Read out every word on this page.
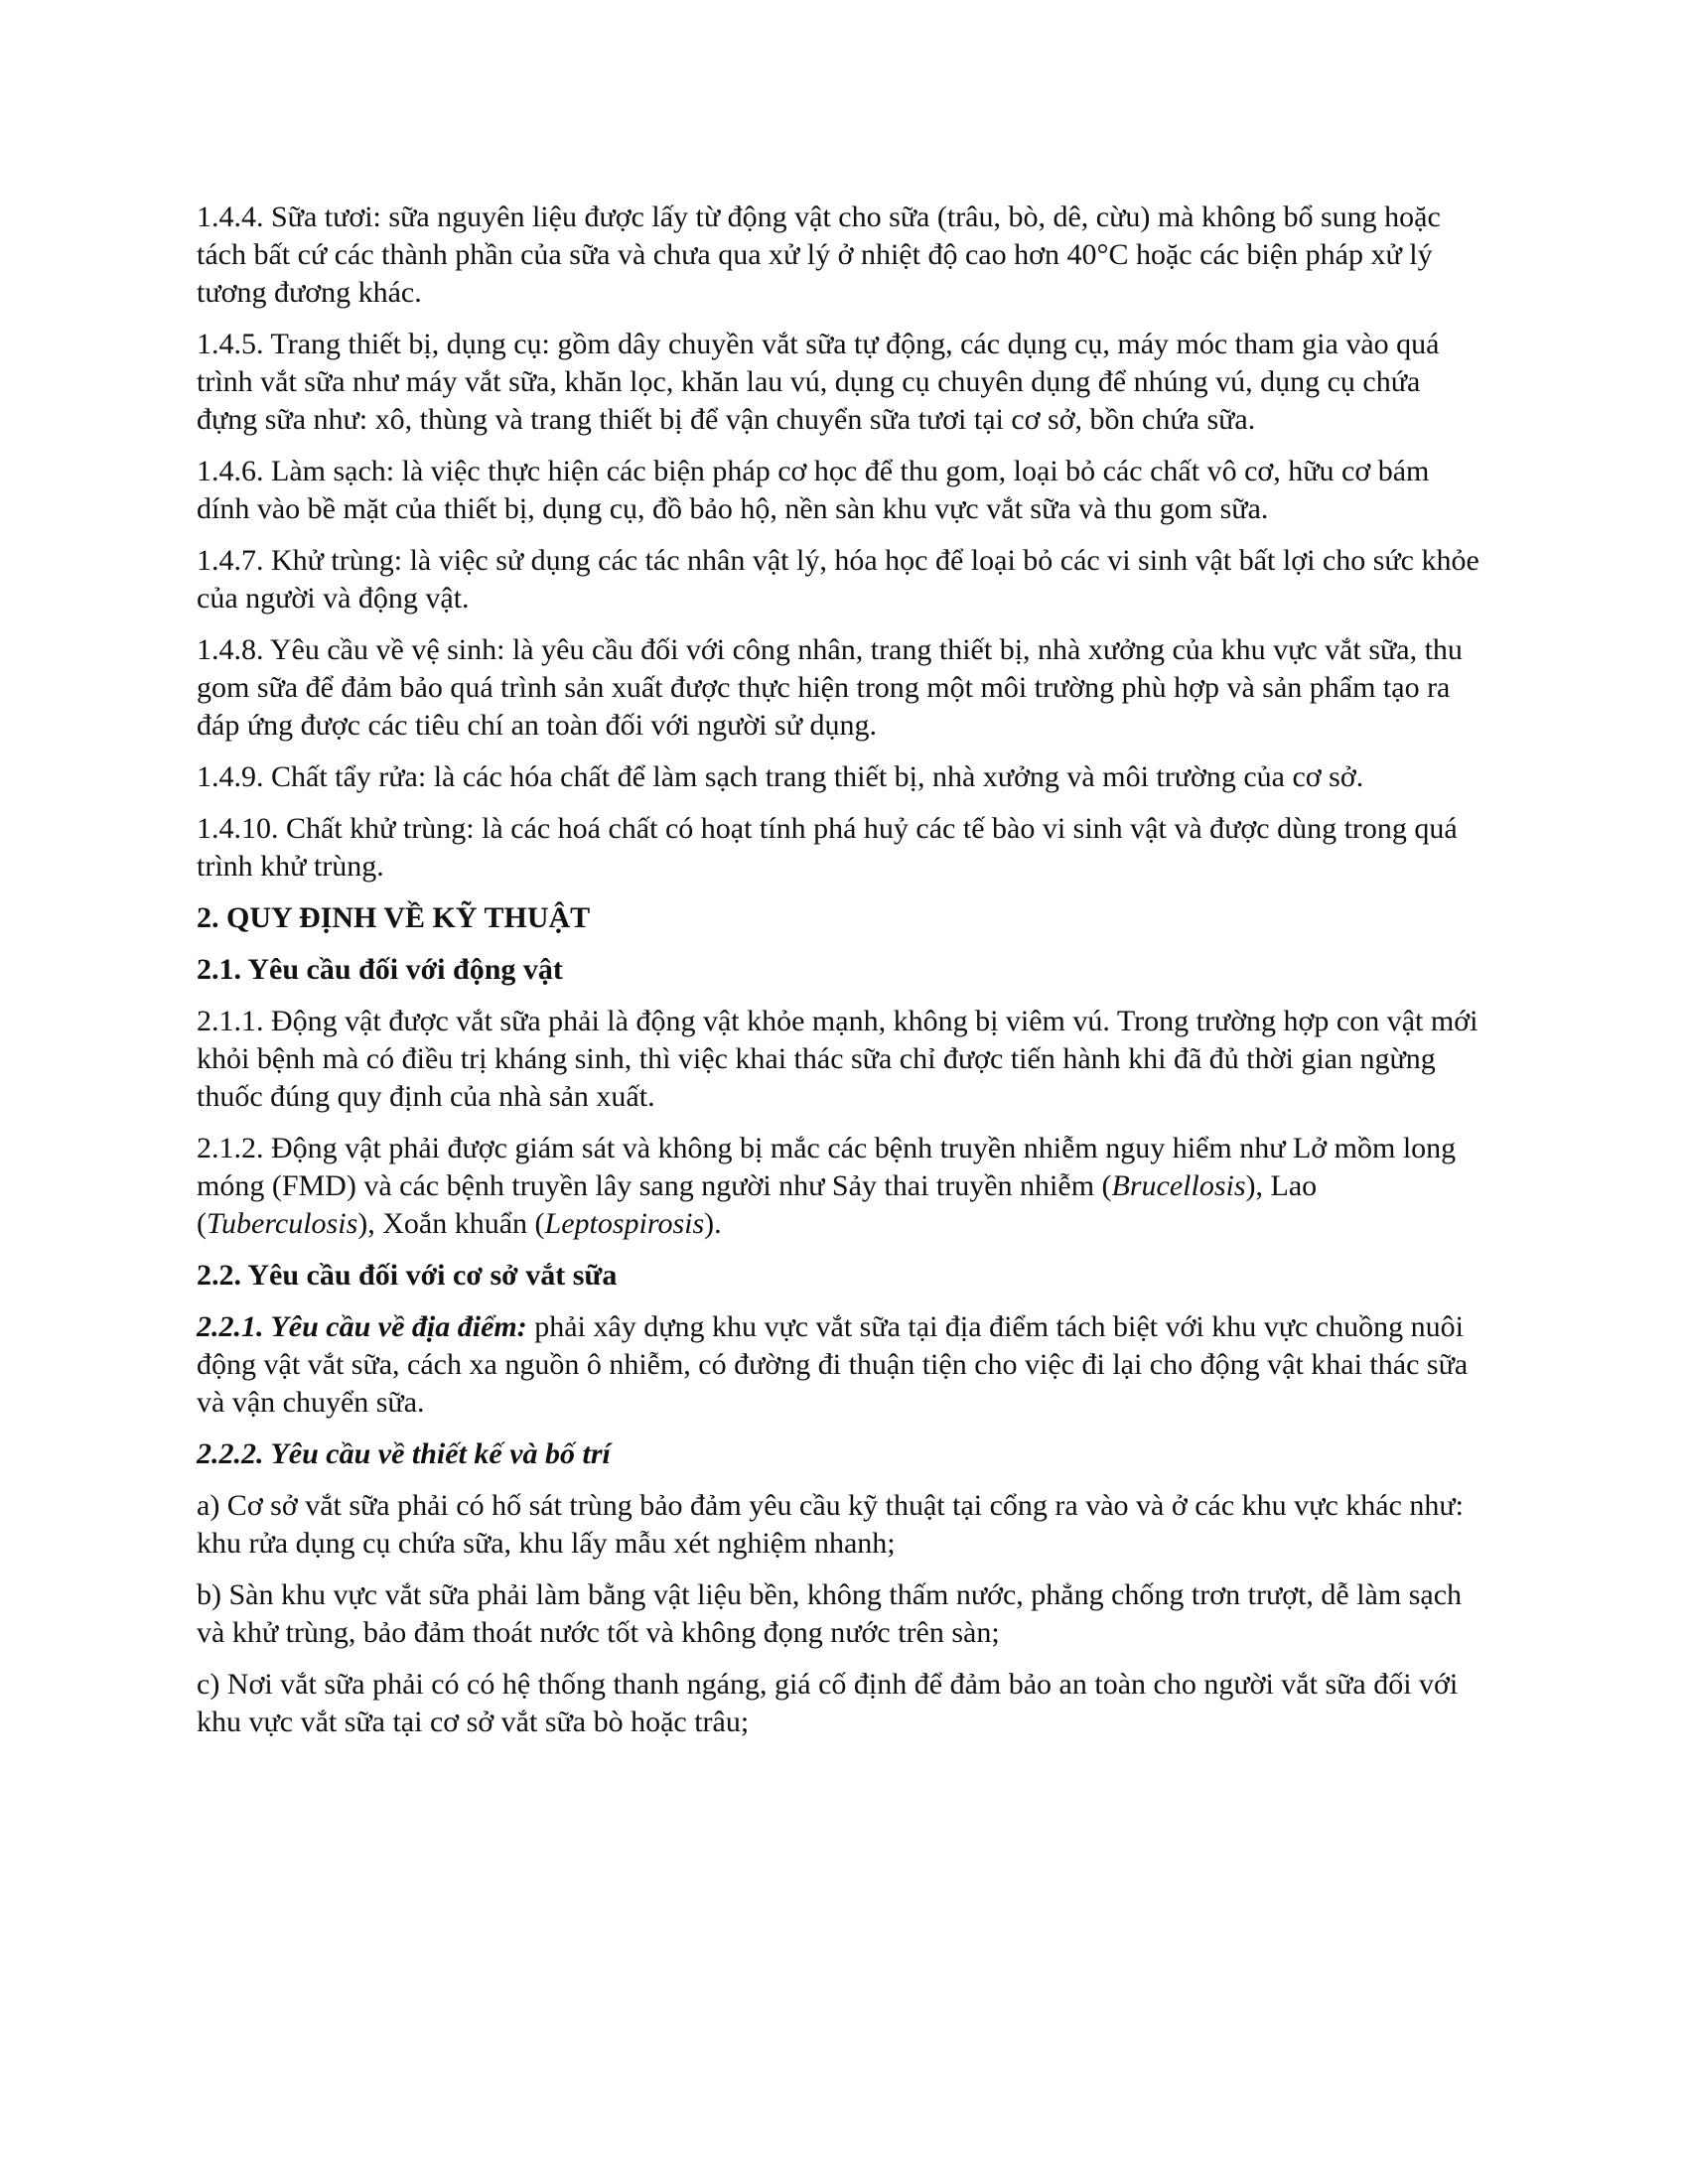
1.4.4. Sữa tươi: sữa nguyên liệu được lấy từ động vật cho sữa (trâu, bò, dê, cừu) mà không bổ sung hoặc tách bất cứ các thành phần của sữa và chưa qua xử lý ở nhiệt độ cao hơn 40°C hoặc các biện pháp xử lý tương đương khác.

1.4.5. Trang thiết bị, dụng cụ: gồm dây chuyền vắt sữa tự động, các dụng cụ, máy móc tham gia vào quá trình vắt sữa như máy vắt sữa, khăn lọc, khăn lau vú, dụng cụ chuyên dụng để nhúng vú, dụng cụ chứa đựng sữa như: xô, thùng và trang thiết bị để vận chuyển sữa tươi tại cơ sở, bồn chứa sữa.

1.4.6. Làm sạch: là việc thực hiện các biện pháp cơ học để thu gom, loại bỏ các chất vô cơ, hữu cơ bám dính vào bề mặt của thiết bị, dụng cụ, đồ bảo hộ, nền sàn khu vực vắt sữa và thu gom sữa.

1.4.7. Khử trùng: là việc sử dụng các tác nhân vật lý, hóa học để loại bỏ các vi sinh vật bất lợi cho sức khỏe của người và động vật.

1.4.8. Yêu cầu về vệ sinh: là yêu cầu đối với công nhân, trang thiết bị, nhà xưởng của khu vực vắt sữa, thu gom sữa để đảm bảo quá trình sản xuất được thực hiện trong một môi trường phù hợp và sản phẩm tạo ra đáp ứng được các tiêu chí an toàn đối với người sử dụng.

1.4.9. Chất tẩy rửa: là các hóa chất để làm sạch trang thiết bị, nhà xưởng và môi trường của cơ sở.

1.4.10. Chất khử trùng: là các hoá chất có hoạt tính phá huỷ các tế bào vi sinh vật và được dùng trong quá trình khử trùng.

2. QUY ĐỊNH VỀ KỸ THUẬT

2.1. Yêu cầu đối với động vật

2.1.1. Động vật được vắt sữa phải là động vật khỏe mạnh, không bị viêm vú. Trong trường hợp con vật mới khỏi bệnh mà có điều trị kháng sinh, thì việc khai thác sữa chỉ được tiến hành khi đã đủ thời gian ngừng thuốc đúng quy định của nhà sản xuất.

2.1.2. Động vật phải được giám sát và không bị mắc các bệnh truyền nhiễm nguy hiểm như Lở mồm long móng (FMD) và các bệnh truyền lây sang người như Sảy thai truyền nhiễm (Brucellosis), Lao (Tuberculosis), Xoắn khuẩn (Leptospirosis).

2.2. Yêu cầu đối với cơ sở vắt sữa

2.2.1. Yêu cầu về địa điểm: phải xây dựng khu vực vắt sữa tại địa điểm tách biệt với khu vực chuồng nuôi động vật vắt sữa, cách xa nguồn ô nhiễm, có đường đi thuận tiện cho việc đi lại cho động vật khai thác sữa và vận chuyển sữa.

2.2.2. Yêu cầu về thiết kế và bố trí

a) Cơ sở vắt sữa phải có hố sát trùng bảo đảm yêu cầu kỹ thuật tại cổng ra vào và ở các khu vực khác như: khu rửa dụng cụ chứa sữa, khu lấy mẫu xét nghiệm nhanh;

b) Sàn khu vực vắt sữa phải làm bằng vật liệu bền, không thấm nước, phẳng chống trơn trượt, dễ làm sạch và khử trùng, bảo đảm thoát nước tốt và không đọng nước trên sàn;

c) Nơi vắt sữa phải có có hệ thống thanh ngáng, giá cố định để đảm bảo an toàn cho người vắt sữa đối với khu vực vắt sữa tại cơ sở vắt sữa bò hoặc trâu;
